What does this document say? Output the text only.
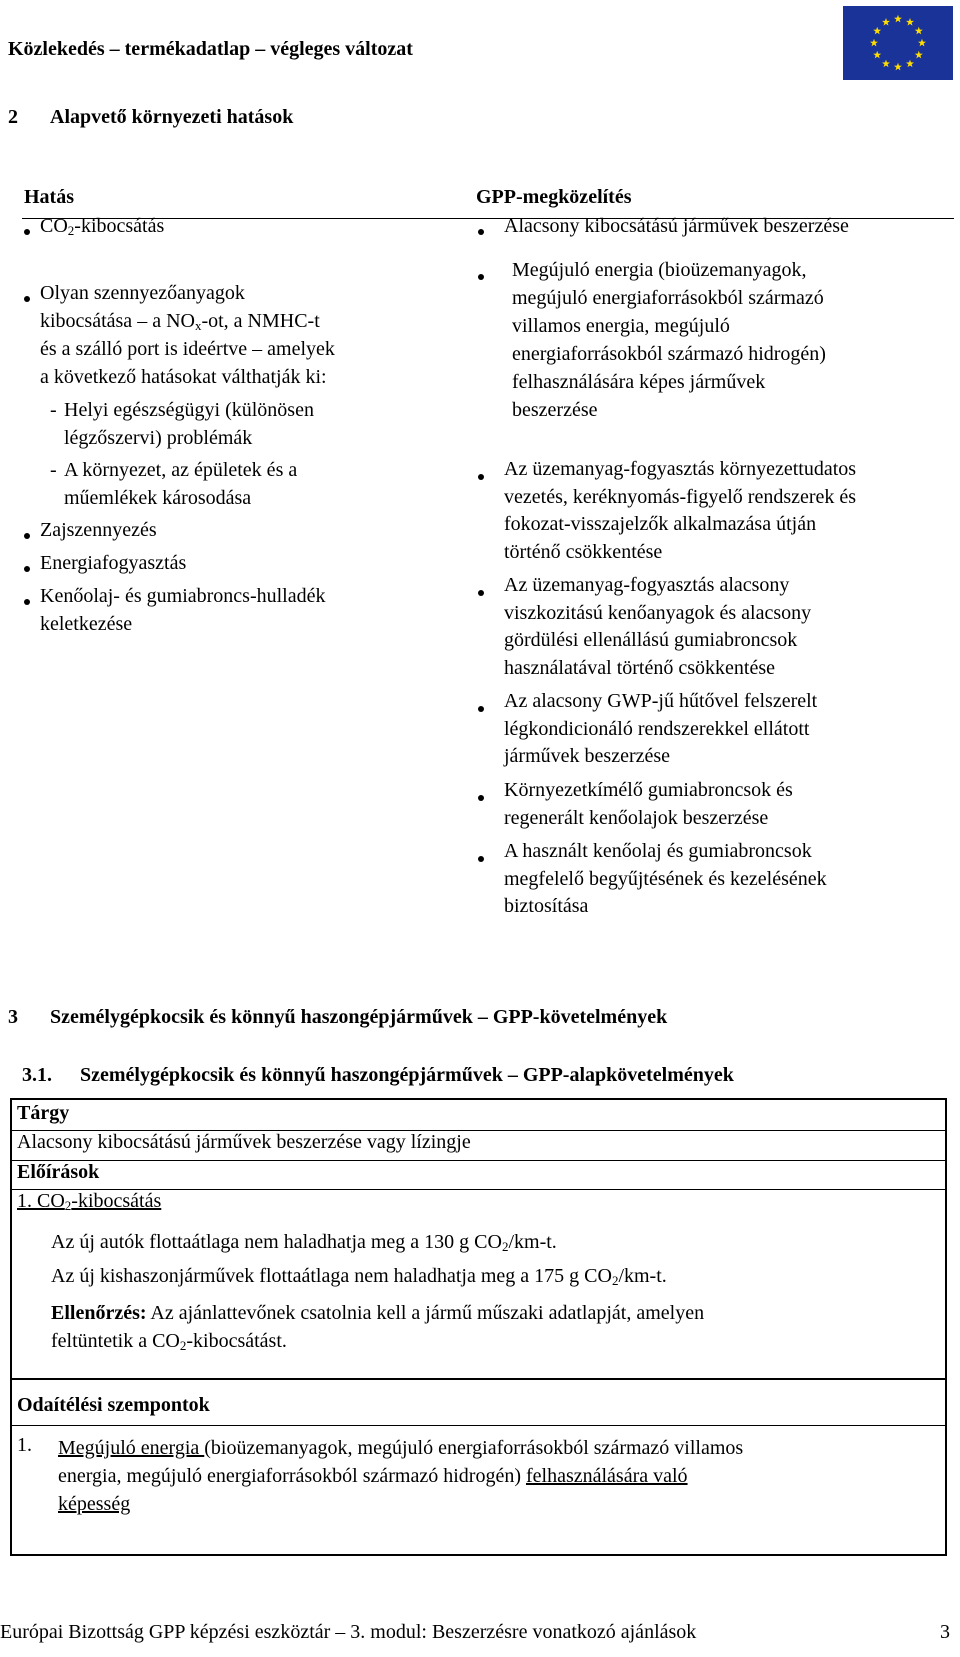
Közlekedés – termékadatlap – végleges változat
2 Alapvető környezeti hatások
Hatás	GPP-megközelítés
$CO_2$-kibocsátás
Olyan szennyezőanyagok
kibocsátása – a $NO_x-ot$, a NMHC-t
és a szálló port is ideértve – amelyek
a következő hatásokat válthatják ki:
- Helyi egészségügyi (különösen
légzőszervi) problémák
- A környezet, az épületek és a
műemlékek károsodása
Zajszennyezés
Energiafogyasztás
Kenőolaj- és gumiabroncs-hulladék
keletkezése
Alacsony kibocsátású járművek beszerzése
Megújuló energia (bioüzemanyagok,
megújuló energiaforrásokból származó
villamos energia, megújuló
energiaforrásokból származó hidrogén)
felhasználására képes járművek
beszerzése
Az üzemanyag-fogyasztás környezettudatos
vezetés, keréknyomás-figyelő rendszerek és
fokozat-visszajelzők alkalmazása útján
történő csökkentése
Az üzemanyag-fogyasztás alacsony
viszkozitású kenőanyagok és alacsony
gördülési ellenállású gumiabroncsok
használatával történő csökkentése
Az alacsony GWP-jű hűtővel felszerelt
légkondicionáló rendszerekkel ellátott
járművek beszerzése
Környezetkímélő gumiabroncsok és
regenerált kenőolajok beszerzése
A használt kenőolaj és gumiabroncsok
megfelelő begyűjtésének és kezelésének
biztosítása
3 Személygépkocsik és könnyű haszongépjárművek – GPP-követelmények
3.1. Személygépkocsik és könnyű haszongépjárművek – GPP-alapkövetelmények
Tárgy
Alacsony kibocsátású járművek beszerzése vagy lízingje
Előírások
1. $CO_2$-kibocsátás
Az új autók flottaátlaga nem haladhatja meg a 130 g $CO_2/km-t$.
Az új kishaszonjárművek flottaátlaga nem haladhatja meg a 175 g $CO_2/km-t$.
Ellenőrzés: Az ajánlattevőnek csatolnia kell a jármű műszaki adatlapját, amelyen
feltüntetik a $CO_2$-kibocsátást.
Odaítélési szempontok
1. Megújuló energia (bioüzemanyagok, megújuló energiaforrásokból származó villamos
energia, megújuló energiaforrásokból származó hidrogén) felhasználására való
képesség
Európai Bizottság GPP képzési eszköztár – 3. modul: Beszerzésre vonatkozó ajánlások	3
